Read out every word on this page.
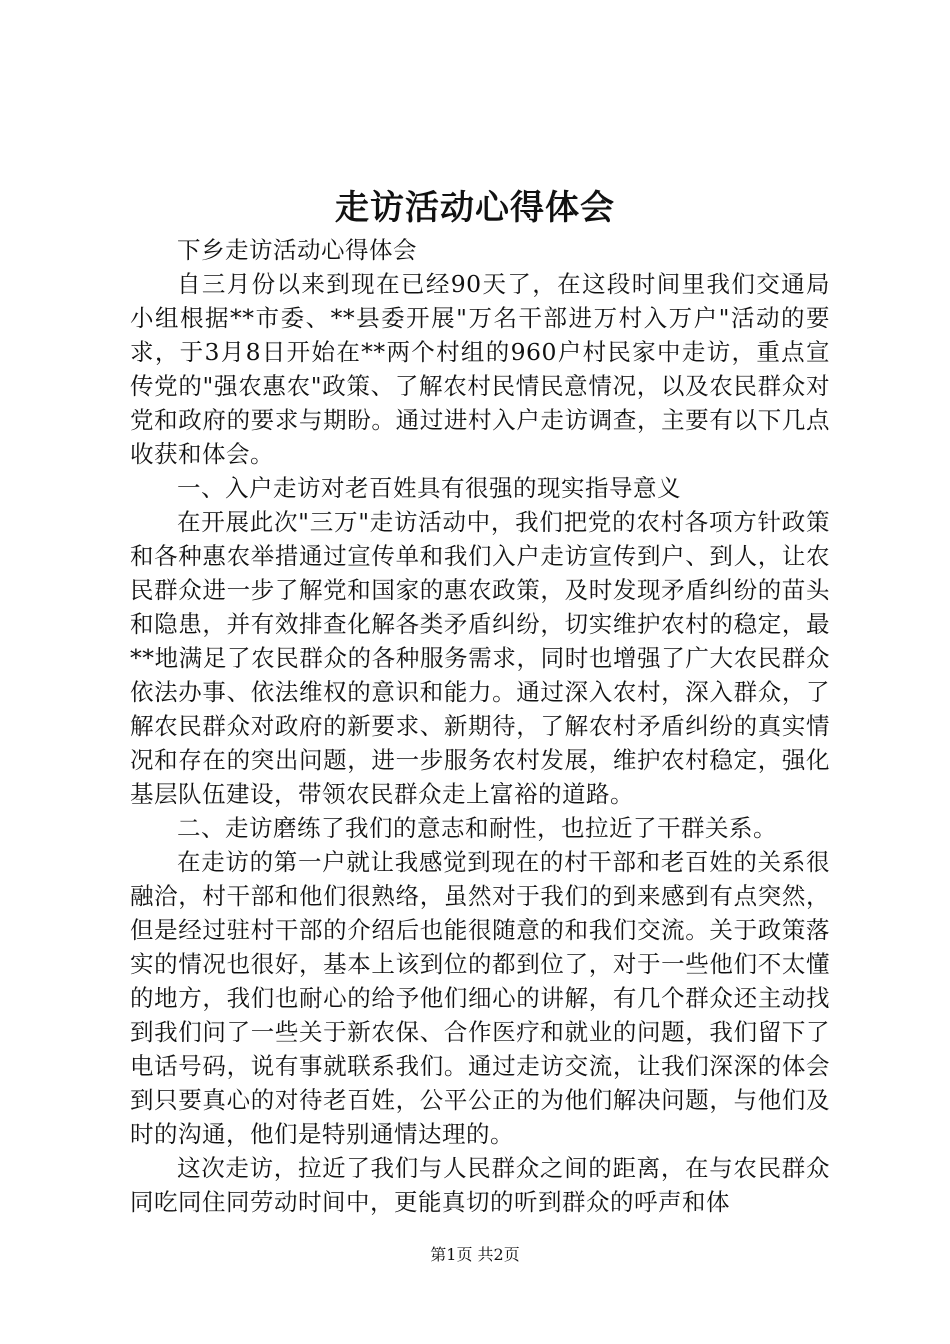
走访活动心得体会

下乡走访活动心得体会

自三月份以来到现在已经90天了，在这段时间里我们交通局小组根据**市委、**县委开展"万名干部进万村入万户"活动的要求，于3月8日开始在**两个村组的960户村民家中走访，重点宣传党的"强农惠农"政策、了解农村民情民意情况，以及农民群众对党和政府的要求与期盼。通过进村入户走访调查，主要有以下几点收获和体会。

一、入户走访对老百姓具有很强的现实指导意义

在开展此次"三万"走访活动中，我们把党的农村各项方针政策和各种惠农举措通过宣传单和我们入户走访宣传到户、到人，让农民群众进一步了解党和国家的惠农政策，及时发现矛盾纠纷的苗头和隐患，并有效排查化解各类矛盾纠纷，切实维护农村的稳定，最**地满足了农民群众的各种服务需求，同时也增强了广大农民群众依法办事、依法维权的意识和能力。通过深入农村，深入群众，了解农民群众对政府的新要求、新期待，了解农村矛盾纠纷的真实情况和存在的突出问题，进一步服务农村发展，维护农村稳定，强化基层队伍建设，带领农民群众走上富裕的道路。

二、走访磨练了我们的意志和耐性，也拉近了干群关系。

在走访的第一户就让我感觉到现在的村干部和老百姓的关系很融洽，村干部和他们很熟络，虽然对于我们的到来感到有点突然，但是经过驻村干部的介绍后也能很随意的和我们交流。关于政策落实的情况也很好，基本上该到位的都到位了，对于一些他们不太懂的地方，我们也耐心的给予他们细心的讲解，有几个群众还主动找到我们问了一些关于新农保、合作医疗和就业的问题，我们留下了电话号码，说有事就联系我们。通过走访交流，让我们深深的体会到只要真心的对待老百姓，公平公正的为他们解决问题，与他们及时的沟通，他们是特别通情达理的。

这次走访，拉近了我们与人民群众之间的距离，在与农民群众同吃同住同劳动时间中，更能真切的听到群众的呼声和体

第1页 共2页
